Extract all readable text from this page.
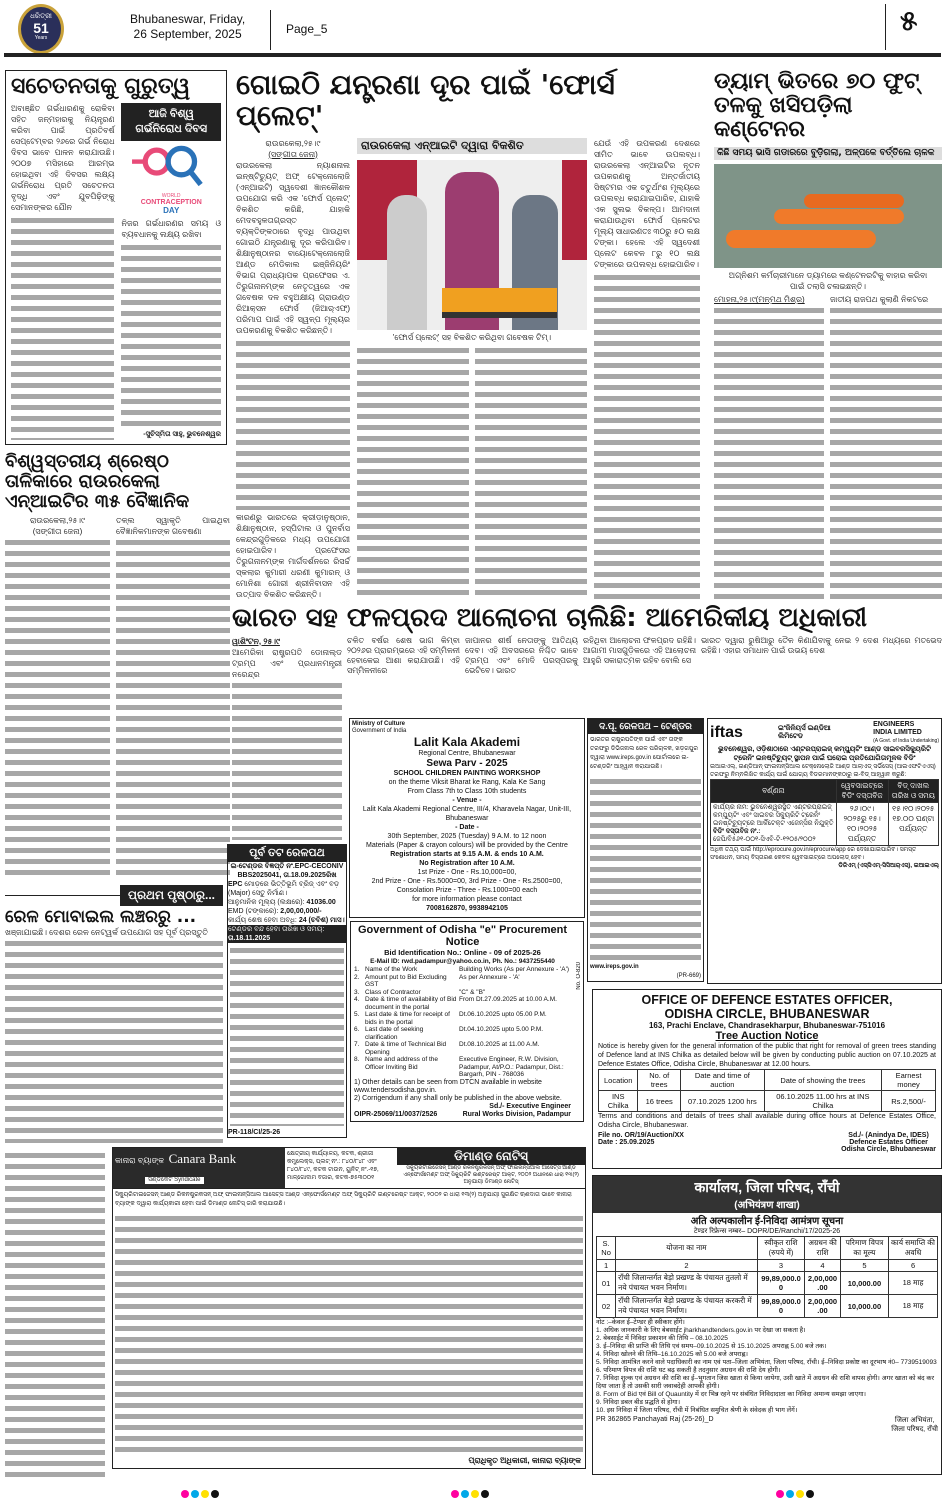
ଧରିତ୍ରୀ
51
Years
Bhubaneswar, Friday,
26 September, 2025	Page_5	୫
ସଚେତନତାକୁ ଗୁରୁତ୍ୱ
ଅବାଞ୍ଛିତ ଗର୍ଭଧାରଣକୁ ରୋକିବା ସହିତ ଜନ୍ମହାରକୁ ନିୟନ୍ତ୍ରଣ କରିବା ପାଇଁ ପ୍ରତିବର୍ଷ ସେପ୍ଟେମ୍ବର ୨୬ରେ ଗର୍ଭ ନିରୋଧ ଦିବସ ଭାବେ ପାଳନ କରାଯାଉଛି। ୨୦୦୭ ମସିହାରେ ଆରମ୍ଭ ହୋଇଥିବା ଏହି ଦିବସର ଲକ୍ଷ୍ୟ ଗର୍ଭନିରୋଧ ପ୍ରତି ସଚେତନତା ବୃଦ୍ଧି ଏବଂ ଯୁବପିଢ଼ିଙ୍କୁ ସେମାନଙ୍କର ଯୌନ
ଆଜି ବିଶ୍ୱ ଗର୍ଭନିରୋଧ ଦିବସ
WORLD
CONTRACEPTION
DAY
ନିଜର ଗର୍ଭଧାରଣର ସମୟ ଓ ବ୍ୟବଧାନକୁ ଲକ୍ଷ୍ୟ ରଖିବା
-ସୁଚିସ୍ମିତା ସାହୁ, ଭୁବନେଶ୍ୱର
ଗୋଇଠି ଯନ୍ତ୍ରଣା ଦୂର ପାଇଁ 'ଫୋର୍ସ ପ୍ଲେଟ୍'
ରାଉରକେଲା,୨୫।୯
(ସଙ୍ଗୀତା ଜେନା)
ରାଉରକେଲା ନ୍ୟାଶନାଲ ଇନ୍‌ଷ୍ଟିଚ୍ୟୁଟ୍ ଅଫ୍ ଟେକ୍ନୋଲୋଜି (ଏନ୍‌ଆଇଟି) ସ୍ୱଦେଶୀ ଜ୍ଞାନକୌଶଳ ଉପଯୋଗ କରି ଏକ 'ଫୋର୍ସ ପ୍ଲେଟ୍' ବିକଶିତ କରିଛି, ଯାହାକି ମେଦବହୁଳତାଗ୍ରସ୍ତ ବ୍ୟକ୍ତିଙ୍କଠାରେ ବୃଦ୍ଧି ପାଉଥିବା ଗୋଇଠି ଯନ୍ତ୍ରଣାକୁ ଦୂର କରିପାରିବ। ଶିକ୍ଷାନୁଷ୍ଠାନର ବାୟୋଟେକ୍ନୋଲୋଜି ଆଣ୍ଡ ମେଡିକାଲ ଇଞ୍ଜିନିୟରିଂ ବିଭାଗ ପ୍ରାଧ୍ୟାପକ ପ୍ରଫେସର ଏ. ତିରୁଗନାନମ୍‌ଙ୍କ ନେତୃତ୍ୱରେ ଏକ ଗବେଷକ ଦଳ ବହୁଅକ୍ଷୀୟ ଗ୍ରାଉଣ୍ଡ ରିଆକ୍ସନ ଫୋର୍ସ (ଜିଆର୍‌ଏଫ୍) ପରିମାପ ପାଇଁ ଏହି ସ୍ୱଳ୍ପ ମୂଲ୍ୟର ଉପକରଣକୁ ବିକଶିତ କରିଛନ୍ତି।
କାରଣରୁ ଭାରତରେ କ୍ରୀଡ଼ାନୁଷ୍ଠାନ, ଶିକ୍ଷାନୁଷ୍ଠାନ, ହସ୍ପିଟାଲ ଓ ପୁନର୍ବାସ କେନ୍ଦ୍ରଗୁଡ଼ିକରେ ମଧ୍ୟ ଉପଯୋଗୀ ହୋଇପାରିବ। ପ୍ରଫେସର ତିରୁଗନାନମ୍‌ଙ୍କ ମାର୍ଗଦର୍ଶନରେ ରିସର୍ଚ୍ଚ ସ୍କଲାର କୁମାରୀ ଧରଣୀ କୁମାରନ୍ ଓ ମୋନିଶା ଗୋରୀ ଶ୍ରୀନିବାସନ ଏହି ଉତ୍ପାଦ ବିକଶିତ କରିଛନ୍ତି।
ରାଉରକେଲା ଏନ୍‌ଆଇଟି ଦ୍ୱାରା ବିକଶିତ
'ଫୋର୍ସ ପ୍ଲେଟ୍' ସହ ବିକଶିତ କରିଥିବା ଗବେଷକ ଟିମ୍।
ଯେଉଁ ଏହି ଉପକରଣ ଦେଶରେ ସୀମିତ ଭାବେ ଉପଲବ୍ଧ। ରାଉରକେଲା ଏନ୍‌ଆଇଟିର ନୂତନ ଉପକରଣକୁ ଅନ୍ତର୍ଜାତୀୟ ସିଷ୍ଟମର ଏକ ଚତୁର୍ଥାଂଶ ମୂଲ୍ୟରେ ଉପଲବ୍ଧ କରାଯାଇପାରିବ, ଯାହାକି ଏକ ସୁଲଭ ବିକଳ୍ପ। ଆମଦାନୀ କରାଯାଉଥିବା ଫୋର୍ସ ପ୍ଲେଟର ମୂଲ୍ୟ ସାଧାରଣତଃ ୩୦ରୁ ୫୦ ଲକ୍ଷ ଟଙ୍କା। ହେଲେ ଏହି ସ୍ୱଦେଶୀ ପ୍ଲେଟ କେବଳ ୮ରୁ ୧୦ ଲକ୍ଷ ଟଙ୍କାରେ ଉପଲବ୍ଧ ହୋଇପାରିବ।
ଡ୍ୟାମ୍ ଭିତରେ ୭୦ ଫୁଟ୍ ତଳକୁ ଖସିପଡ଼ିଲା କଣ୍ଟେନର
କିଛି ସମୟ ଭାସି ଗଡାରରେ ବୁଡ଼ିଗଲା, ଅଳ୍ପକେ ବର୍ତ୍ତିଲେ ଚାଳକ
ଅଗ୍ନିଶମ କର୍ମଚାରୀମାନେ ଡ୍ୟାମରେ କଣ୍ଟେନରଟିକୁ ବାହାର କରିବା ପାଇଁ ତଲାସି ଚଳାଇଛନ୍ତି।
ମୋହନା,୨୫।୯(ମନ୍ମଥ ମିଶ୍ର)	ଜାତୀୟ ରାଜପଥ କୁଲାଣି ନିକଟରେ
ବିଶ୍ୱସ୍ତରୀୟ ଶ୍ରେଷ୍ଠ ତାଳିକାରେ ରାଉରକେଲା ଏନ୍‌ଆଇଟିର ୩୫ ବୈଜ୍ଞାନିକ
ରାଉରକେଲା,୨୫।୯
(ସଙ୍ଗୀତା ଜେନା)
ତଳ୍ଲ ସ୍ୱାକୃତି ପାଇଥିବା ବୈଜ୍ଞାନିକମାନଙ୍କ ଗବେଷଣା
ଭାରତ ସହ ଫଳପ୍ରଦ ଆଲୋଚନା ଚାଲିଛି: ଆମେରିକୀୟ ଅଧିକାରୀ
ୱାଶିଂଟନ, ୨୫।୯
ଆମେରିକା ରାଷ୍ଟ୍ରପତି ଡୋନାଲ୍ଡ ଟ୍ରମ୍ପ ଏବଂ ପ୍ରଧାନମନ୍ତ୍ରୀ ନରେନ୍ଦ୍ର
ଚଳିତ ବର୍ଷର ଶେଷ ଭାଗ କିମ୍ବା ୨୦୨୬ର ପ୍ରାରମ୍ଭରେ ଏହି ସମ୍ମିଳନୀ ହେବାକେଇ ଆଶା କରାଯାଉଛି। ଏହି ସମ୍ମିଳନୀରେ
ଜାପାନର ଶୀର୍ଷ ନେତାଙ୍କୁ ଆତିଥ୍ୟ ଦେବ। ଏହି ଅବସରରେ ନିଶ୍ଚିତ ଭାବେ ଟ୍ରମ୍ପ ଏବଂ ମୋଦି ପରସ୍ପରକୁ ଭେଟିବେ। ଭାରତ
ରହିଥିବା ଆଲୋଚନା ଫଳପ୍ରଦ ରହିଛି। ଆଗାମୀ ମାସଗୁଡ଼ିକରେ ଏହି ଆଲୋଚନା ଆହୁରି ସକାରାତ୍ମକ ରହିବ ବୋଲି ସେ
ଭାରତ ଦ୍ୱାରା ରୁଷିଆରୁ ତୈଳ କିଣାଯିବାକୁ ନେଇ ୨ ଦେଶ ମଧ୍ୟରେ ମତଭେଦ ରହିଛି। ଏହାର ସମାଧାନ ପାଇଁ ଉଭୟ ଦେଶ
ପ୍ରଥମ ପୃଷ୍ଠାରୁ...
ରେଳ ମୋବାଇଲ ଲଞ୍ଚରରୁ ...
ଖଞ୍ଜାଯାଇଛି। ଦେଶର ରେଳ ନେଟ୍‌ୱର୍କ ଉପଯୋଗ ସହ ପୂର୍ବ ପ୍ରସ୍ତୁତି
ପୂର୍ବ ତଟ ରେଳପଥ

ଇ-ଟେଣ୍ଡର ବିଜ୍ଞପ୍ତି ନଂ.EPC-CECONIV BBS2025041, ତା.18.09.2025ରିଖ

EPC ମୋଡ଼ରେ ଭିତ୍ତିଭୂମି ବ୍ରିଜ୍ ଏବଂ ବଡ଼ (Major) ସେତୁ ନିର୍ମାଣ।

ଆନୁମାନିକ ମୂଲ୍ୟ (ଲକ୍ଷରେ): 41036.00

EMD (ଟଙ୍କାରେ): 2,00,00,000/-

କାର୍ଯ୍ୟ ଶେଷ ହେବା ଅବଧି: 24 (ଚବିଶ) ମାସ।

ଟେଣ୍ଡର ବନ୍ଦ ହେବା ତାରିଖ ଓ ସମୟ: ତା.18.11.2025

PR-118/CI/25-26

Ministry of Culture
Government of India
Lalit Kala Akademi

Regional Centre, Bhubaneswar

Sewa Parv - 2025

SCHOOL CHILDREN PAINTING WORKSHOP

on the theme Viksit Bharat ke Rang, Kala Ke Sang

From Class 7th to Class 10th students

- Venue -

Lalit Kala Akademi Regional Centre, III/4, Kharavela Nagar, Unit-III, Bhubaneswar

- Date -

30th September, 2025 (Tuesday) 9 A.M. to 12 noon

Materials (Paper & crayon colours) will be provided by the Centre

Registration starts at 9.15 A.M. & ends 10 A.M.

No Registration after 10 A.M.

1st Prize - One - Rs.10,000=00,

2nd Prize - One - Rs.5000=00, 3rd Prize - One - Rs.2500=00,

Consolation Prize - Three - Rs.1000=00 each

for more information please contact

7008162870, 9938942105

Government of Odisha "e" Procurement Notice

Bid Identification No.: Online - 09 of 2025-26

E-Mail ID: rwd.padampur@yahoo.co.in, Ph. No.: 9437255440

1. Name of the Work	Building Works (As per Annexure - 'A')
2. Amount put to Bid Excluding GST
As per Annexure - 'A'
3. Class of Contractor	"C" & "B"
4. Date & time of availability of Bid document in the portal
From Dt.27.09.2025 at 10.00 A.M.
5. Last date & time for receipt of bids in the portal
Dt.06.10.2025 upto 05.00 P.M.
6. Last date of seeking clarification
Dt.04.10.2025 upto 5.00 P.M.
7. Date & time of Technical Bid Opening
Dt.08.10.2025 at 11.00 A.M.
8. Name and address of the Officer Inviting Bid
Executive Engineer, R.W. Division, Padampur, At/P.O.: Padampur, Dist.: Bargarh, PIN - 768036

1) Other details can be seen from DTCN available in website www.tendersodisha.gov.in.

2) Corrigendum if any shall only be published in the above website.

Sd./- Executive Engineer

OIPR-25069/11/0037/2526	Rural Works Division, Padampur

No. O-820
ଦ.ପୂ. ରେଳପଥ – ଟେଣ୍ଡର

ଭାରତର ରାଷ୍ଟ୍ରପତିଙ୍କ ପାଇଁ ଏବଂ ତାଙ୍କ ତରଫରୁ ଡିଭିଜନାଲ ରେଳ ପରିଚାଳକ, ଖଡ଼ଗପୁର ଦ୍ୱାରା www.ireps.gov.in ପୋର୍ଟାଲରେ ଇ-ଟେଣ୍ଡରିଂ ଆହ୍ୱାନ କରାଯାଉଛି।

www.ireps.gov.in

(PR-669)

iftas	ଇଂଜିନିୟର୍ସ ଇଣ୍ଡିଆ ଲିମିଟେଡ
ENGINEERS
INDIA LIMITED
(A Govt. of India Undertaking)

ଭୁବନେଶ୍ୱର, ଓଡ଼ିଶାଠାରେ ଏଣ୍ଟରପ୍ରାଇଜ୍ କମ୍ପ୍ୟୁଟିଂ ଆଣ୍ଡ ସାଇବରସିକ୍ୟୁରିଟି ଟ୍ରେନିଂ ଇନଷ୍ଟିଚ୍ୟୁଟ୍ ସ୍ଥାପନ ପାଇଁ ଘରୋଇ ପ୍ରତିଯୋଗିତାମୂଳକ ବିଡିଂ

ଇଆଇଏଲ୍, ଇଣ୍ଡିଆନ୍ ଫାଇନାନ୍ସିଆଲ ଟେକ୍ନୋଲୋଜି ଆଣ୍ଡ ଆଲାଏଡ୍ ସର୍ଭିସେସ୍ (ଆଇଏଫଟିଏଏସ୍) ତରଫରୁ ନିମ୍ନଲିଖିତ କାର୍ଯ୍ୟ ପାଇଁ ଯୋଗ୍ୟ ବିଡରମାନଙ୍କଠାରୁ ଇ-ବିଡ୍ ଆହ୍ୱାନ କରୁଛି:

ବର୍ଣ୍ଣନା	ୱେବସାଇଟ୍‌ରେ ବିଡିଂ ଦସ୍ତାବିଜ	ବିଡ୍ ଦାଖଲ ତାରିଖ ଓ ସମୟ
କାର୍ଯ୍ୟର ନାମ: ଭୁବନେଶ୍ୱରସ୍ଥିତ ଏଣ୍ଟରପ୍ରାଇଜ୍ କମ୍ପ୍ୟୁଟିଂ ଏବଂ ସାଇବର ସିକ୍ୟୁରିଟି ଟ୍ରେନିଂ ଇନଷ୍ଟିଚ୍ୟୁଟ୍‌ରେ ଆର୍କିଟେକ୍ଟ ଏଜେନ୍ସିର ନିଯୁକ୍ତି
ବିଡିଂ ଦସ୍ତାବିଜ ନଂ.:
ଜେପି/ବି୫୬୧-୦୦୧-ସିଏବି-ଟି-୧୨୦୫/୨୦୦୨	୨୬।୦୯।୨୦୨୫ରୁ ୧୫।୧୦।୨୦୨୫ ପର୍ଯ୍ୟନ୍ତ	୧୫।୧୦।୨୦୨୫ ୧୭.୦୦ ଘଣ୍ଟା ପର୍ଯ୍ୟନ୍ତ

ଅଧିକ ତଥ୍ୟ ପାଇଁ http://eprocure.gov.in/eprocure/app ରେ ଦେଖାଯାଇପାରିବ। ସମସ୍ତ ସଂଶୋଧନ, ସମୟ ବିସ୍ତାରଣ କେବଳ ୱେବସାଇଟ୍‌ରେ ଅପଲୋଡ୍ ହେବ।

ଡିଜିଏମ୍ (ଏସ୍‌ସିଏମ୍-ସିସିଆର୍‌ଏସ୍), ଇଆଇଏଲ୍

OFFICE OF DEFENCE ESTATES OFFICER,
ODISHA CIRCLE, BHUBANESWAR

163, Prachi Enclave, Chandrasekharpur, Bhubaneswar-751016

Tree Auction Notice

Notice is hereby given for the general information of the public that right for removal of green trees standing of Defence land at INS Chilka as detailed below will be given by conducting public auction on 07.10.2025 at Defence Estates Office, Odisha Circle, Bhubaneswar at 12.00 hours.

Location	No. of trees	Date and time of auction	Date of showing the trees	Earnest money
INS Chilka	16 trees	07.10.2025 1200 hrs	06.10.2025 11.00 hrs at INS Chilka	Rs.2,500/-

Terms and conditions and details of trees shall available during office hours at Defence Estates Office, Odisha Circle, Bhubaneswar.

File no. OR/19/Auction/XX
Date : 25.09.2025
Sd./- (Anindya De, IDES)
Defence Estates Officer
Odisha Circle, Bhubaneswar
कार्यालय, जिला परिषद, राँची
(अभियंत्रण शाखा)
अति अल्पकालीन ई-निविदा आमंत्रण सूचना

टेण्डर रिफ्रेन्स नम्बर– DOPR/DE/Ranchi/17/2025-26

S. No	योजना का नाम	स्वीकृत राशि (रुपये में)	अग्रधन की राशि	परिमाण विपत्र का मूल्य	कार्य समाप्ति की अवधि
1	2	3	4	5	6
01	राँची जिलान्तर्गत बेड़ो प्रखण्ड के पंचायत तुतलो में नये पंचायत भवन निर्माण।	99,89,000.00	2,00,000.00	10,000.00	18 माह
02	राँची जिलान्तर्गत बेड़ो प्रखण्ड के पंचायत करकरी में नये पंचायत भवन निर्माण।	99,89,000.00	2,00,000.00	10,000.00	18 माह

नोट :–केवल ई–टेण्डर ही स्वीकार होंगे।

1. अधिक जानकारी के लिए बेबसाईट jharkhandtenders.gov.in पर देखा जा सकता है।

2. बेबसाईट में निविदा प्रकाशन की तिथि – 08.10.2025

3. ई–निविदा की प्राप्ति की तिथि एवं समय–09.10.2025 से 15.10.2025 अपराह्न 5.00 बजे तक।

4. निविदा खोलने की तिथि–16.10.2025 को 5.00 बजे अपराह्न।

5. निविदा आमंत्रित करने वाले पदाधिकारी का नाम एवं पता–जिला अभियंता, जिला परिषद, राँची। ई–निविदा प्रकोष्ट का दूरभाष नं0– 7739519093

6. परिमाण विपत्र की राशि घट बढ़ सकती है तदनुसार अग्रधन की राशि देय होगी।

7. निविदा शुल्क एवं अग्रधन की राशि का ई–भुगतान जिस खाता से किया जायेगा, उसी खाते में अग्रधन की राशि वापस होगी। अगर खाता को बंद कर दिया जाता है तो उसकी सारी जवाबदेही आपकी होगी।

8. Form of Bid एवं Bill of Quauntity में दर भिन्न रहने पर संबंधित निविदादाता का निविदा अमान्य समझा जाएगा।

9. निविदा डबल बीड प्रद्धति से होगा।

10. इस निविदा में जिला परिषद, राँची में निबंधित समुचित श्रेणी के संवेदक ही भाग लेंगें।

PR 362865 Panchayati Raj (25-26)_D	जिला अभियंता,
जिला परिषद, राँची
କାନାରା ବ୍ୟାଙ୍କ Canara Bank ସିଣ୍ଡିକେଟ Syndicate

କ୍ଷେତ୍ରୀୟ କାର୍ଯ୍ୟାଳୟ, କଟକ, ଶ୍ରୀଜୀ କମ୍ପ୍ଲେକ୍ସ, ପ୍ଲଟ୍ ନଂ.: ୮୪୦/୮୪୮ ଏବଂ ୮୪୦/୮୪୯, କଟକ ଟାଉନ, ୟୁନିଟ୍ ନଂ.-୧୭, ମାଳ୍ଗୋଦାମ ବଜାର, କଟକ-୭୫୩୦୦୧

ଡିମାଣ୍ଡ ନୋଟିସ୍

ସିକ୍ୟୁରିଟାଇଜେସନ୍ ଆଣ୍ଡ ରିକନଷ୍ଟ୍ରକସନ୍ ଅଫ୍ ଫାଇନାନ୍ସିଆଲ ଆସେଟ୍ସ ଆଣ୍ଡ ଏନ୍‌ଫୋର୍ସମେଣ୍ଟ ଅଫ୍ ସିକ୍ୟୁରିଟି ଇଣ୍ଟରେଷ୍ଟ ଆକ୍ଟ, ୨୦୦୨ ଅଧୀନରେ ଧାରା ୧୩(୨) ଅନୁଯାୟୀ ଡିମାଣ୍ଡ ନୋଟିସ୍

ସିକ୍ୟୁରିଟାଇଜେସନ୍ ଆଣ୍ଡ ରିକନଷ୍ଟ୍ରକସନ୍ ଅଫ୍ ଫାଇନାନ୍ସିଆଲ ଆସେଟ୍ସ ଆଣ୍ଡ ଏନ୍‌ଫୋର୍ସମେଣ୍ଟ ଅଫ୍ ସିକ୍ୟୁରିଟି ଇଣ୍ଟରେଷ୍ଟ ଆକ୍ଟ, ୨୦୦୨ ର ଧାରା ୧୩(୨) ଅନୁଯାୟୀ ସୁରକ୍ଷିତ ଋଣଦାତା ଭାବେ କାନାରା ବ୍ୟାଙ୍କ ଦ୍ୱାରା କାର୍ଯ୍ୟକାରୀ ହେବା ପାଇଁ ଡିମାଣ୍ଡ ନୋଟିସ୍ ଜାରି କରାଯାଉଛି।

ପ୍ରାଧିକୃତ ଅଧିକାରୀ, କାନାରା ବ୍ୟାଙ୍କ
